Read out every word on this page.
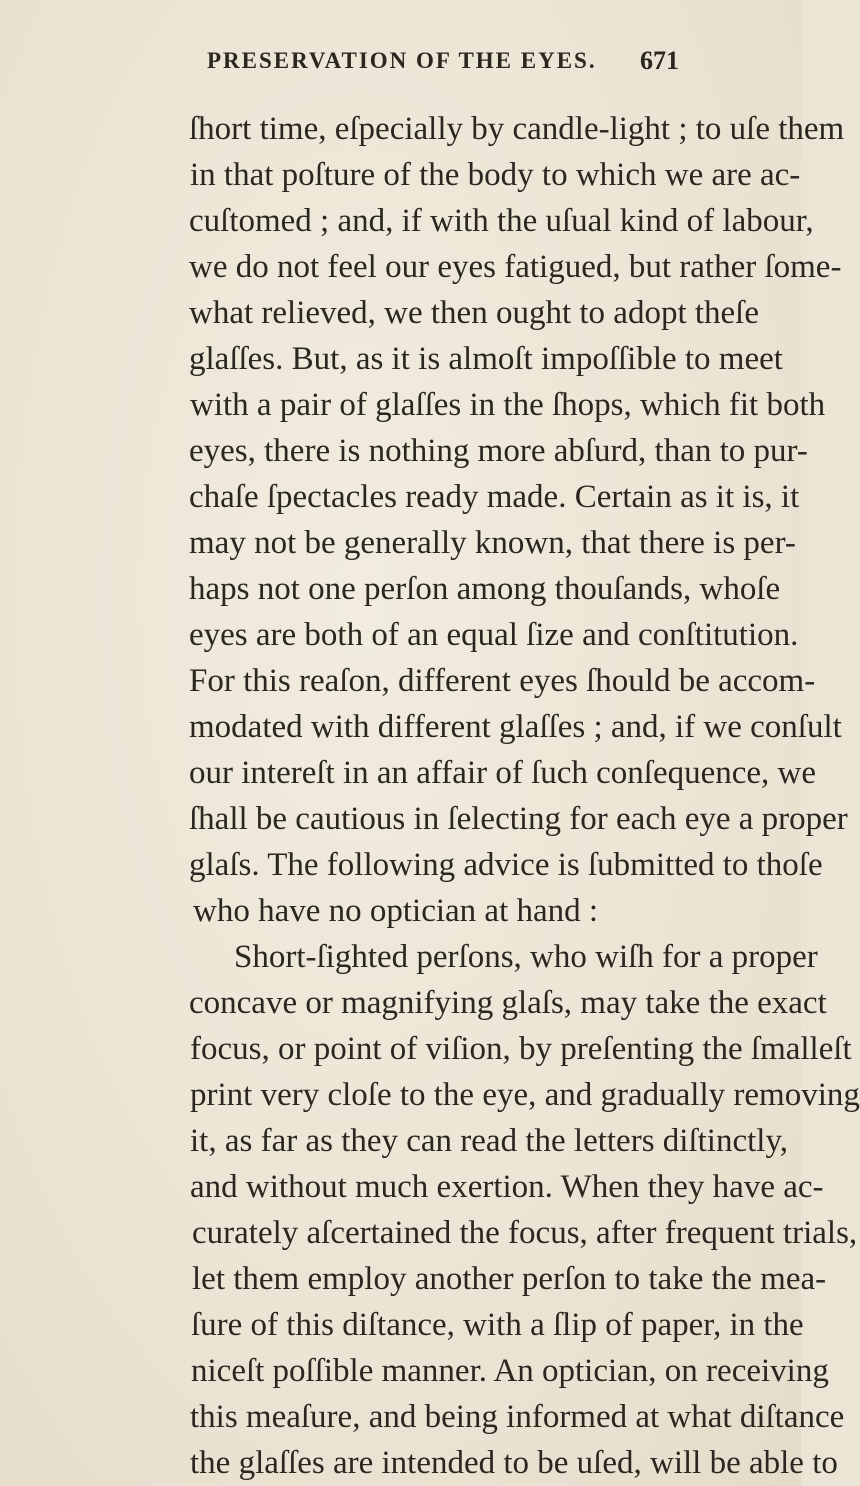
PRESERVATION OF THE EYES. 671
ſhort time, eſpecially by candle-light ; to uſe them
in that poſture of the body to which we are ac-
cuſtomed ; and, if with the uſual kind of labour,
we do not feel our eyes fatigued, but rather ſome-
what relieved, we then ought to adopt theſe
glaſſes. But, as it is almoſt impoſſible to meet
with a pair of glaſſes in the ſhops, which fit both
eyes, there is nothing more abſurd, than to pur-
chaſe ſpectacles ready made. Certain as it is, it
may not be generally known, that there is per-
haps not one perſon among thouſands, whoſe
eyes are both of an equal ſize and conſtitution.
For this reaſon, different eyes ſhould be accom-
modated with different glaſſes ; and, if we conſult
our intereſt in an affair of ſuch conſequence, we
ſhall be cautious in ſelecting for each eye a proper
glaſs. The following advice is ſubmitted to thoſe
who have no optician at hand :
Short-ſighted perſons, who wiſh for a proper
concave or magnifying glaſs, may take the exact
focus, or point of viſion, by preſenting the ſmalleſt
print very cloſe to the eye, and gradually removing
it, as far as they can read the letters diſtinctly,
and without much exertion. When they have ac-
curately aſcertained the focus, after frequent trials,
let them employ another perſon to take the mea-
ſure of this diſtance, with a ſlip of paper, in the
niceſt poſſible manner. An optician, on receiving
this meaſure, and being informed at what diſtance
the glaſſes are intended to be uſed, will be able to
